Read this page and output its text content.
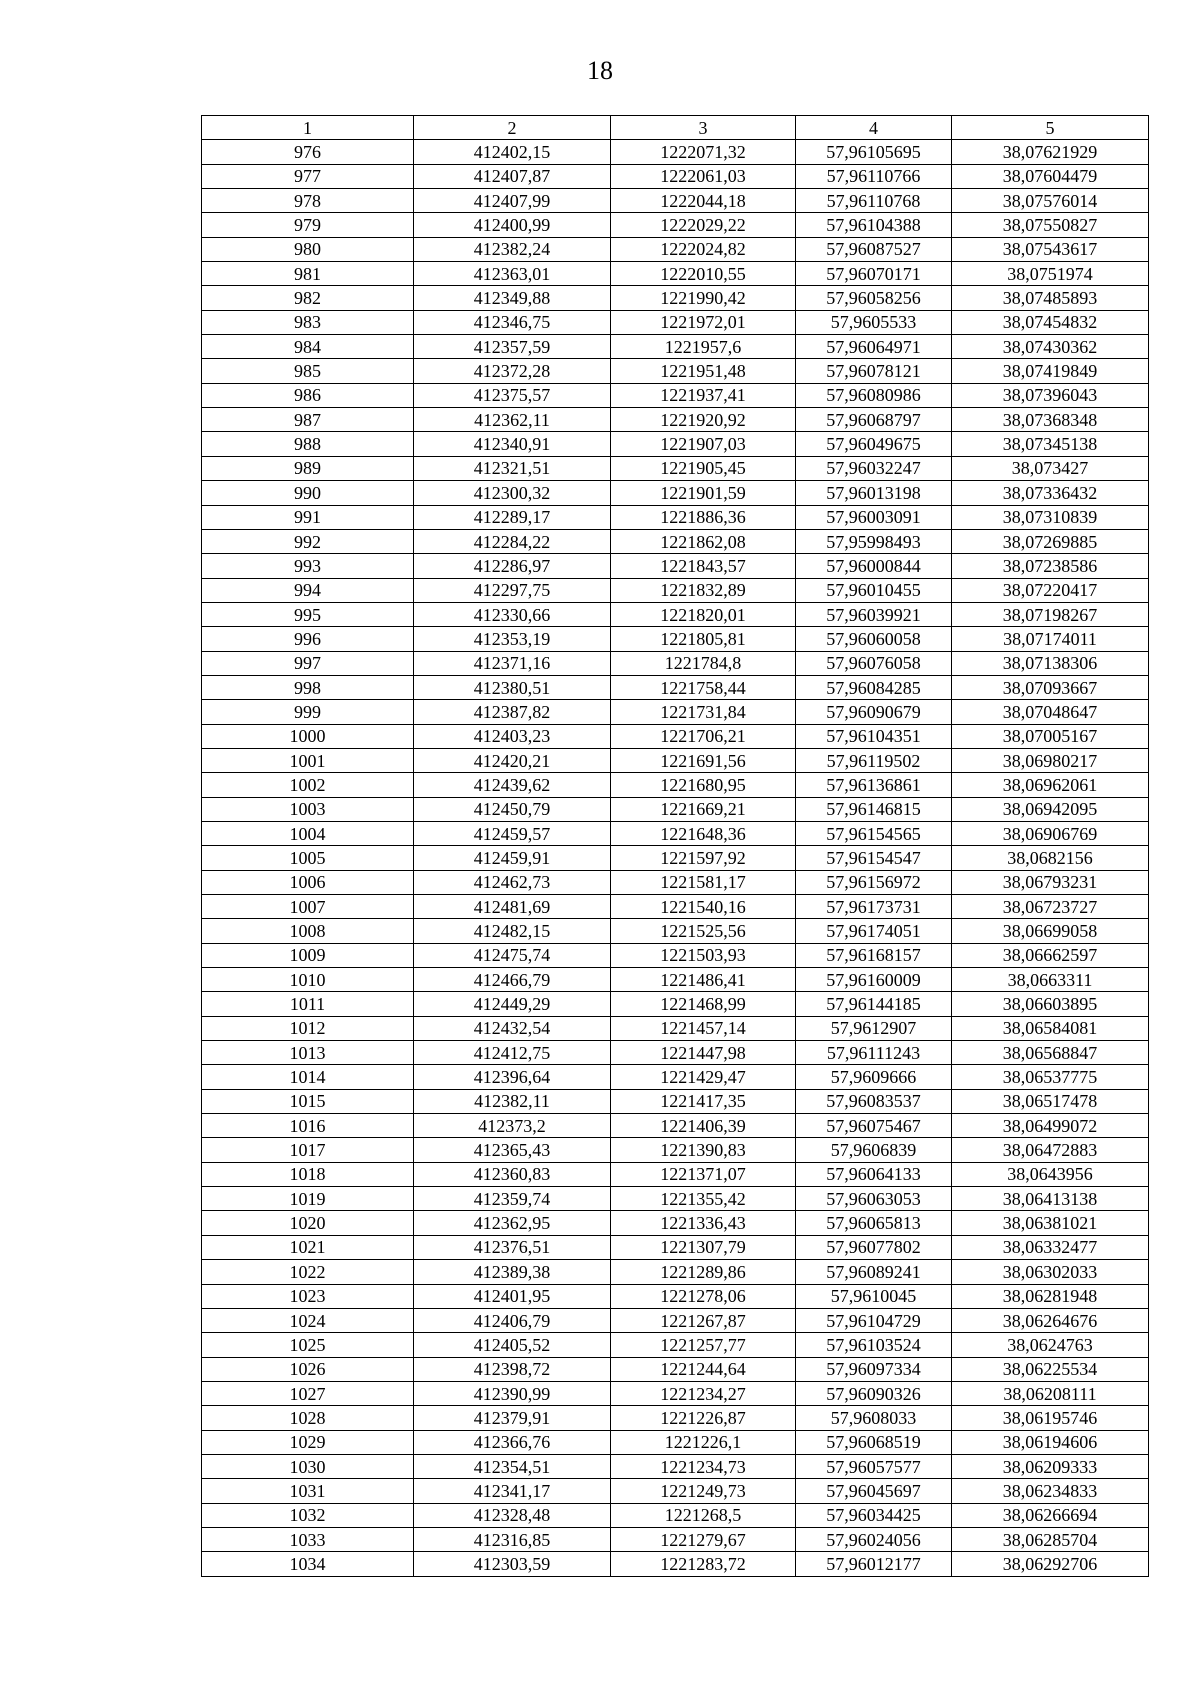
18
1	2	3	4	5
976	412402,15	1222071,32	57,96105695	38,07621929
977	412407,87	1222061,03	57,96110766	38,07604479
978	412407,99	1222044,18	57,96110768	38,07576014
979	412400,99	1222029,22	57,96104388	38,07550827
980	412382,24	1222024,82	57,96087527	38,07543617
981	412363,01	1222010,55	57,96070171	38,0751974
982	412349,88	1221990,42	57,96058256	38,07485893
983	412346,75	1221972,01	57,9605533	38,07454832
984	412357,59	1221957,6	57,96064971	38,07430362
985	412372,28	1221951,48	57,96078121	38,07419849
986	412375,57	1221937,41	57,96080986	38,07396043
987	412362,11	1221920,92	57,96068797	38,07368348
988	412340,91	1221907,03	57,96049675	38,07345138
989	412321,51	1221905,45	57,96032247	38,073427
990	412300,32	1221901,59	57,96013198	38,07336432
991	412289,17	1221886,36	57,96003091	38,07310839
992	412284,22	1221862,08	57,95998493	38,07269885
993	412286,97	1221843,57	57,96000844	38,07238586
994	412297,75	1221832,89	57,96010455	38,07220417
995	412330,66	1221820,01	57,96039921	38,07198267
996	412353,19	1221805,81	57,96060058	38,07174011
997	412371,16	1221784,8	57,96076058	38,07138306
998	412380,51	1221758,44	57,96084285	38,07093667
999	412387,82	1221731,84	57,96090679	38,07048647
1000	412403,23	1221706,21	57,96104351	38,07005167
1001	412420,21	1221691,56	57,96119502	38,06980217
1002	412439,62	1221680,95	57,96136861	38,06962061
1003	412450,79	1221669,21	57,96146815	38,06942095
1004	412459,57	1221648,36	57,96154565	38,06906769
1005	412459,91	1221597,92	57,96154547	38,0682156
1006	412462,73	1221581,17	57,96156972	38,06793231
1007	412481,69	1221540,16	57,96173731	38,06723727
1008	412482,15	1221525,56	57,96174051	38,06699058
1009	412475,74	1221503,93	57,96168157	38,06662597
1010	412466,79	1221486,41	57,96160009	38,0663311
1011	412449,29	1221468,99	57,96144185	38,06603895
1012	412432,54	1221457,14	57,9612907	38,06584081
1013	412412,75	1221447,98	57,96111243	38,06568847
1014	412396,64	1221429,47	57,9609666	38,06537775
1015	412382,11	1221417,35	57,96083537	38,06517478
1016	412373,2	1221406,39	57,96075467	38,06499072
1017	412365,43	1221390,83	57,9606839	38,06472883
1018	412360,83	1221371,07	57,96064133	38,0643956
1019	412359,74	1221355,42	57,96063053	38,06413138
1020	412362,95	1221336,43	57,96065813	38,06381021
1021	412376,51	1221307,79	57,96077802	38,06332477
1022	412389,38	1221289,86	57,96089241	38,06302033
1023	412401,95	1221278,06	57,9610045	38,06281948
1024	412406,79	1221267,87	57,96104729	38,06264676
1025	412405,52	1221257,77	57,96103524	38,0624763
1026	412398,72	1221244,64	57,96097334	38,06225534
1027	412390,99	1221234,27	57,96090326	38,06208111
1028	412379,91	1221226,87	57,9608033	38,06195746
1029	412366,76	1221226,1	57,96068519	38,06194606
1030	412354,51	1221234,73	57,96057577	38,06209333
1031	412341,17	1221249,73	57,96045697	38,06234833
1032	412328,48	1221268,5	57,96034425	38,06266694
1033	412316,85	1221279,67	57,96024056	38,06285704
1034	412303,59	1221283,72	57,96012177	38,06292706
